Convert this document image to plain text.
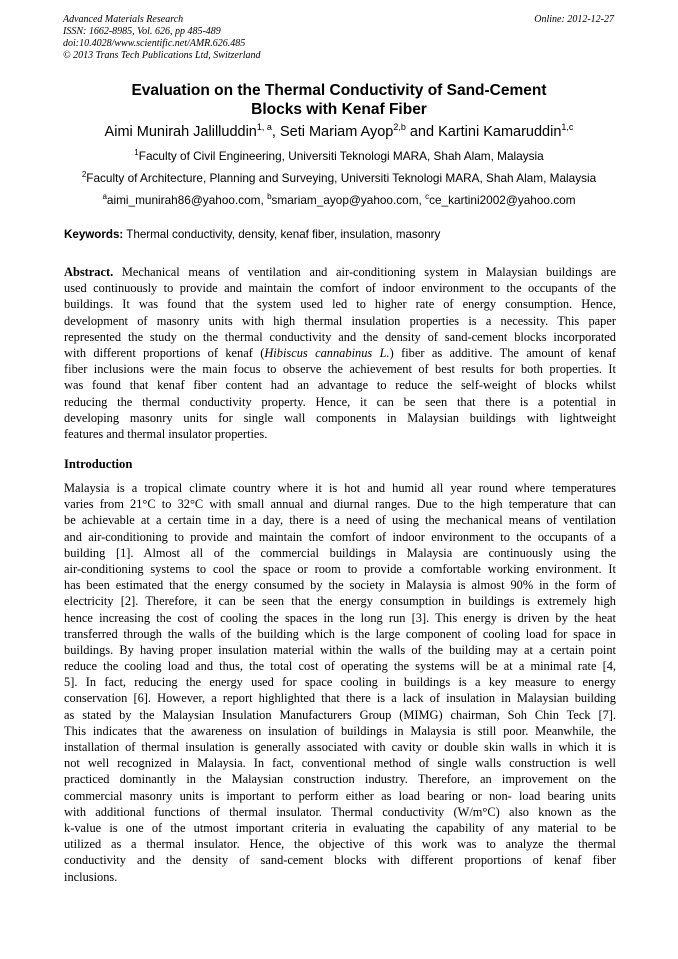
Advanced Materials Research
ISSN: 1662-8985, Vol. 626, pp 485-489
doi:10.4028/www.scientific.net/AMR.626.485
© 2013 Trans Tech Publications Ltd, Switzerland
Online: 2012-12-27
Evaluation on the Thermal Conductivity of Sand-Cement
Blocks with Kenaf Fiber
Aimi Munirah Jalilluddin$^{1, a}$, Seti Mariam Ayop$^{2,b}$ and Kartini Kamaruddin$^{1,c}$
$^1$Faculty of Civil Engineering, Universiti Teknologi MARA, Shah Alam, Malaysia
$^2$Faculty of Architecture, Planning and Surveying, Universiti Teknologi MARA, Shah Alam, Malaysia
$^a$aimi_munirah86@yahoo.com, $^b$smariam_ayop@yahoo.com, $^c$ce_kartini2002@yahoo.com
Keywords: Thermal conductivity, density, kenaf fiber, insulation, masonry
Abstract. Mechanical means of ventilation and air-conditioning system in Malaysian buildings are
used continuously to provide and maintain the comfort of indoor environment to the occupants of the
buildings. It was found that the system used led to higher rate of energy consumption. Hence,
development of masonry units with high thermal insulation properties is a necessity. This paper
represented the study on the thermal conductivity and the density of sand-cement blocks incorporated
with different proportions of kenaf (Hibiscus cannabinus L.) fiber as additive. The amount of kenaf
fiber inclusions were the main focus to observe the achievement of best results for both properties. It
was found that kenaf fiber content had an advantage to reduce the self-weight of blocks whilst
reducing the thermal conductivity property. Hence, it can be seen that there is a potential in
developing masonry units for single wall components in Malaysian buildings with lightweight
features and thermal insulator properties.
Introduction
Malaysia is a tropical climate country where it is hot and humid all year round where temperatures
varies from 21°C to 32°C with small annual and diurnal ranges. Due to the high temperature that can
be achievable at a certain time in a day, there is a need of using the mechanical means of ventilation
and air-conditioning to provide and maintain the comfort of indoor environment to the occupants of a
building [1]. Almost all of the commercial buildings in Malaysia are continuously using the
air-conditioning systems to cool the space or room to provide a comfortable working environment. It
has been estimated that the energy consumed by the society in Malaysia is almost 90% in the form of
electricity [2]. Therefore, it can be seen that the energy consumption in buildings is extremely high
hence increasing the cost of cooling the spaces in the long run [3]. This energy is driven by the heat
transferred through the walls of the building which is the large component of cooling load for space in
buildings. By having proper insulation material within the walls of the building may at a certain point
reduce the cooling load and thus, the total cost of operating the systems will be at a minimal rate [4,
5]. In fact, reducing the energy used for space cooling in buildings is a key measure to energy
conservation [6]. However, a report highlighted that there is a lack of insulation in Malaysian building
as stated by the Malaysian Insulation Manufacturers Group (MIMG) chairman, Soh Chin Teck [7].
This indicates that the awareness on insulation of buildings in Malaysia is still poor. Meanwhile, the
installation of thermal insulation is generally associated with cavity or double skin walls in which it is
not well recognized in Malaysia. In fact, conventional method of single walls construction is well
practiced dominantly in the Malaysian construction industry. Therefore, an improvement on the
commercial masonry units is important to perform either as load bearing or non- load bearing units
with additional functions of thermal insulator. Thermal conductivity (W/m°C) also known as the
k-value is one of the utmost important criteria in evaluating the capability of any material to be
utilized as a thermal insulator. Hence, the objective of this work was to analyze the thermal
conductivity and the density of sand-cement blocks with different proportions of kenaf fiber
inclusions.
